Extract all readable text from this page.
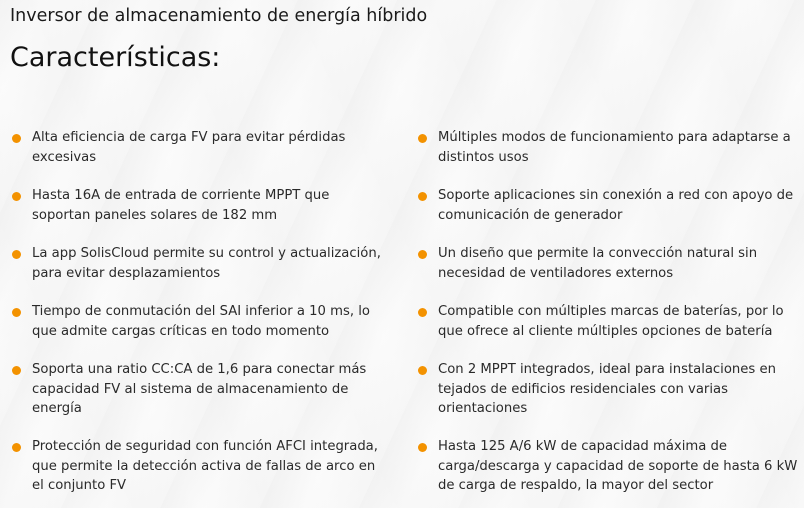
Inversor de almacenamiento de energía híbrido
Características:
Alta eficiencia de carga FV para evitar pérdidas excesivas
Hasta 16A de entrada de corriente MPPT que soportan paneles solares de 182 mm
La app SolisCloud permite su control y actualización, para evitar desplazamientos
Tiempo de conmutación del SAI inferior a 10 ms, lo que admite cargas críticas en todo momento
Soporta una ratio CC:CA de 1,6 para conectar más capacidad FV al sistema de almacenamiento de energía
Protección de seguridad con función AFCI integrada, que permite la detección activa de fallas de arco en el conjunto FV
Múltiples modos de funcionamiento para adaptarse a distintos usos
Soporte aplicaciones sin conexión a red con apoyo de comunicación de generador
Un diseño que permite la convección natural sin necesidad de ventiladores externos
Compatible con múltiples marcas de baterías, por lo que ofrece al cliente múltiples opciones de batería
Con 2 MPPT integrados, ideal para instalaciones en tejados de edificios residenciales con varias orientaciones
Hasta 125 A/6 kW de capacidad máxima de carga/descarga y capacidad de soporte de hasta 6 kW de carga de respaldo, la mayor del sector
